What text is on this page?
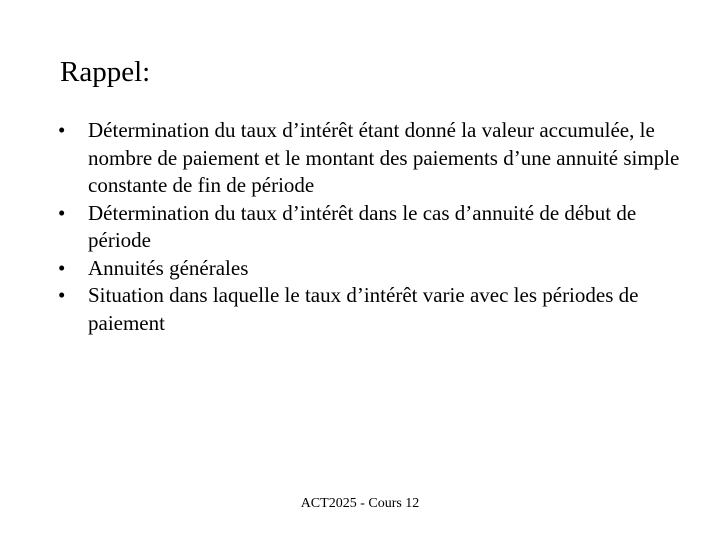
Rappel:
•	Détermination du taux d’intérêt étant donné la valeur accumulée, le nombre de paiement et le montant des paiements d’une annuité simple constante de fin de période
•	Détermination du taux d’intérêt dans le cas d’annuité de début de période
•	Annuités générales
•	Situation dans laquelle le taux d’intérêt varie avec les périodes de paiement
ACT2025 - Cours 12
